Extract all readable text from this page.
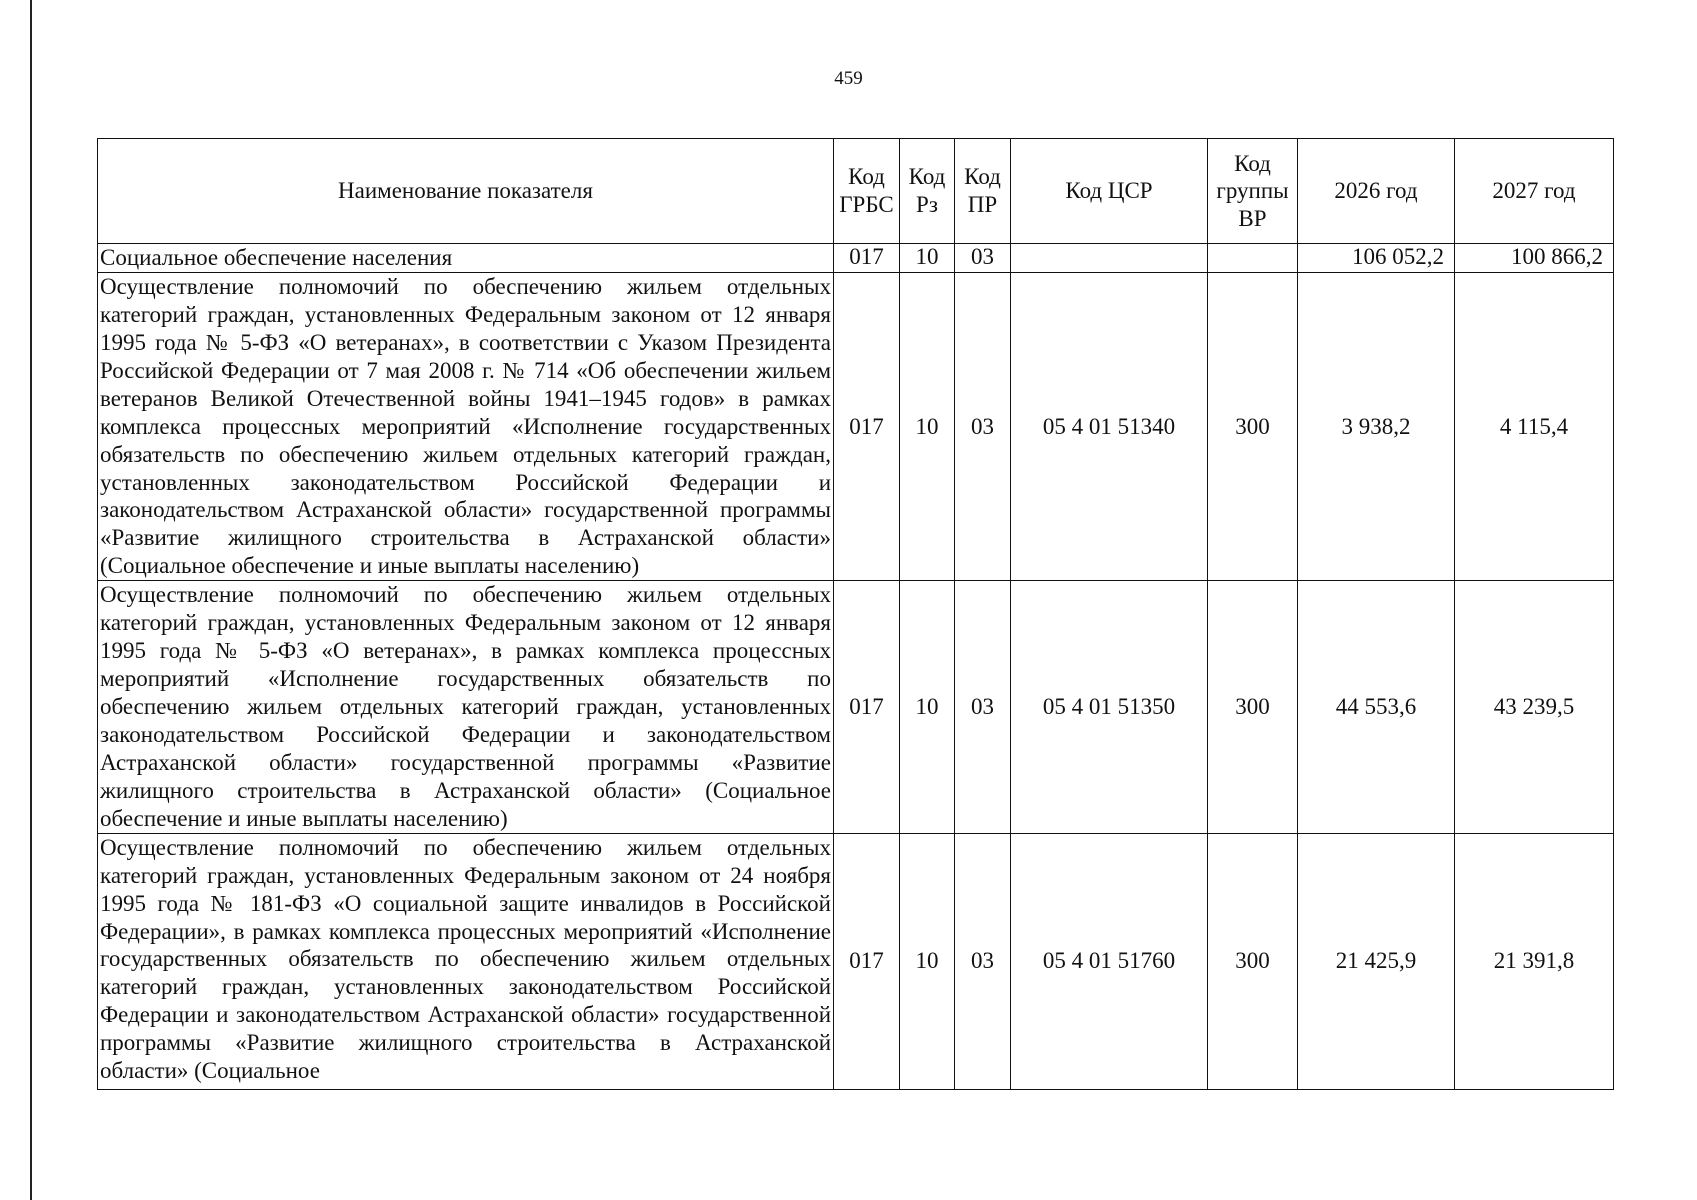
459
Наименование показателя	Код ГРБС	Код Рз	Код ПР	Код ЦСР	Код группы ВР	2026 год	2027 год
Социальное обеспечение населения	017	10	03			106 052,2	100 866,2
Осуществление полномочий по обеспечению жильем отдельных категорий граждан, установленных Федеральным законом от 12 января 1995 года № 5-ФЗ «О ветеранах», в соответствии с Указом Президента Российской Федерации от 7 мая 2008 г. № 714 «Об обеспечении жильем ветеранов Великой Отечественной войны 1941–1945 годов» в рамках комплекса процессных мероприятий «Исполнение государственных обязательств по обеспечению жильем отдельных категорий граждан, установленных законодательством Российской Федерации и законодательством Астраханской области» государственной программы «Развитие жилищного строительства в Астраханской области» (Социальное обеспечение и иные выплаты населению)	017	10	03	05 4 01 51340	300	3 938,2	4 115,4
Осуществление полномочий по обеспечению жильем отдельных категорий граждан, установленных Федеральным законом от 12 января 1995 года № 5-ФЗ «О ветеранах», в рамках комплекса процессных мероприятий «Исполнение государственных обязательств по обеспечению жильем отдельных категорий граждан, установленных законодательством Российской Федерации и законодательством Астраханской области» государственной программы «Развитие жилищного строительства в Астраханской области» (Социальное обеспечение и иные выплаты населению)	017	10	03	05 4 01 51350	300	44 553,6	43 239,5

Осуществление полномочий по обеспечению жильем отдельных категорий граждан, установленных Федеральным законом от 24 ноября 1995 года № 181-ФЗ «О социальной защите инвалидов в Российской Федерации», в рамках комплекса процессных мероприятий «Исполнение государственных обязательств по обеспечению жильем отдельных категорий граждан, установленных законодательством Российской Федерации и законодательством Астраханской области» государственной программы «Развитие жилищного строительства в Астраханской области» (Социальное	017	10	03	05 4 01 51760	300	21 425,9	21 391,8
